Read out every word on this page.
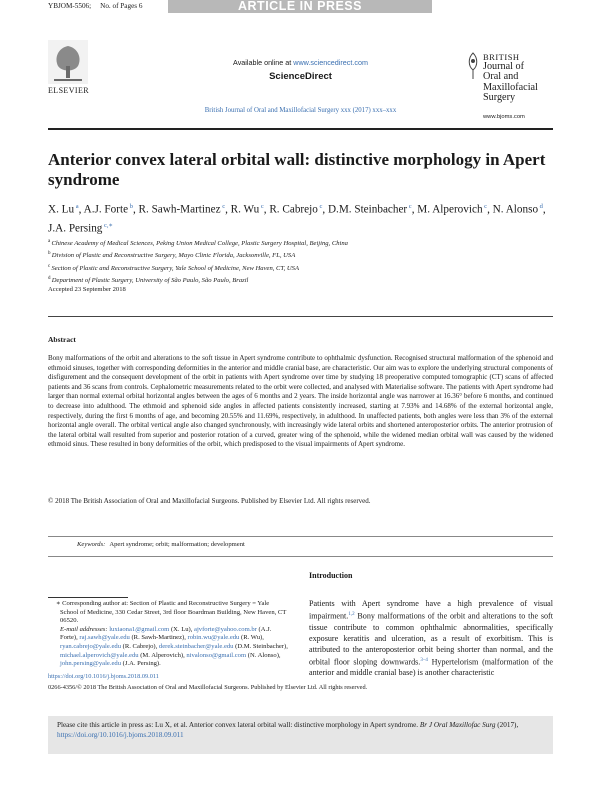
ARTICLE IN PRESS
YBJOM-5506; No. of Pages 6
ELSEVIER
Available online at www.sciencedirect.com
ScienceDirect
British Journal of Oral and Maxillofacial Surgery xxx (2017) xxx–xxx
BRITISH
Journal of
Oral and
Maxillofacial
Surgery
www.bjoms.com
Anterior convex lateral orbital wall: distinctive morphology in Apert syndrome
X. Lu $^a$, A.J. Forte $^b$, R. Sawh-Martinez $^c$, R. Wu $^c$, R. Cabrejo $^c$, D.M. Steinbacher $^c$, M. Alperovich $^c$, N. Alonso $^d$, J.A. Persing $^{c,∗}$
$^a$ Chinese Academy of Medical Sciences, Peking Union Medical College, Plastic Surgery Hospital, Beijing, China
$^b$ Division of Plastic and Reconstructive Surgery, Mayo Clinic Florida, Jacksonville, FL, USA
$^c$ Section of Plastic and Reconstructive Surgery, Yale School of Medicine, New Haven, CT, USA
$^d$ Department of Plastic Surgery, University of São Paulo, São Paulo, Brazil
Accepted 23 September 2018
Abstract

Bony malformations of the orbit and alterations to the soft tissue in Apert syndrome contribute to ophthalmic dysfunction. Recognised structural malformation of the sphenoid and ethmoid sinuses, together with corresponding deformities in the anterior and middle cranial base, are characteristic. Our aim was to explore the underlying structural components of disfigurement and the consequent development of the orbit in patients with Apert syndrome over time by studying 18 preoperative computed tomographic (CT) scans of affected patients and 36 scans from controls. Cephalometric measurements related to the orbit were collected, and analysed with Materialise software. The patients with Apert syndrome had larger than normal external orbital horizontal angles between the ages of 6 months and 2 years. The inside horizontal angle was narrower at 16.36° before 6 months, and continued to decrease into adulthood. The ethmoid and sphenoid side angles in affected patients consistently increased, starting at 7.93% and 14.68% of the external horizontal angle, respectively, during the first 6 months of age, and becoming 20.55% and 11.69%, respectively, in adulthood. In unaffected patients, both angles were less than 3% of the external horizontal angle overall. The orbital vertical angle also changed synchronously, with increasingly wide lateral orbits and shortened anteroposterior orbits. The anterior protrusion of the lateral orbital wall resulted from superior and posterior rotation of a curved, greater wing of the sphenoid, while the widened median orbital wall was caused by the widened ethmoid sinus. These resulted in bony deformities of the orbit, which predisposed to the visual impairments of Apert syndrome.

© 2018 The British Association of Oral and Maxillofacial Surgeons. Published by Elsevier Ltd. All rights reserved.
Keywords: Apert syndrome; orbit; malformation; development
∗ Corresponding author at: Section of Plastic and Reconstructive Surgery = Yale School of Medicine, 330 Cedar Street, 3rd floor Boardman Building, New Haven, CT 06520.
E-mail addresses: luxiaona1@gmail.com (X. Lu), ajvforte@yahoo.com.br (A.J. Forte), raj.sawh@yale.edu (R. Sawh-Martinez), robin.wu@yale.edu (R. Wu), ryan.cabrejo@yale.edu (R. Cabrejo), derek.steinbacher@yale.edu (D.M. Steinbacher), michael.alperovich@yale.edu (M. Alperovich), nivalonso@gmail.com (N. Alonso), john.persing@yale.edu (J.A. Persing).
Introduction

Patients with Apert syndrome have a high prevalence of visual impairment.$^{1,2}$ Bony malformations of the orbit and alterations to the soft tissue contribute to common ophthalmic abnormalities, specifically exposure keratitis and ulceration, as a result of exorbitism. This is attributed to the anteroposterior orbit being shorter than normal, and the orbital floor sloping downwards.$^{3-4}$ Hypertelorism (malformation of the anterior and middle cranial base) is another characteristic

https://doi.org/10.1016/j.bjoms.2018.09.011
0266-4356/© 2018 The British Association of Oral and Maxillofacial Surgeons. Published by Elsevier Ltd. All rights reserved.
Please cite this article in press as: Lu X, et al. Anterior convex lateral orbital wall: distinctive morphology in Apert syndrome. Br J Oral Maxillofac Surg (2017), https://doi.org/10.1016/j.bjoms.2018.09.011
